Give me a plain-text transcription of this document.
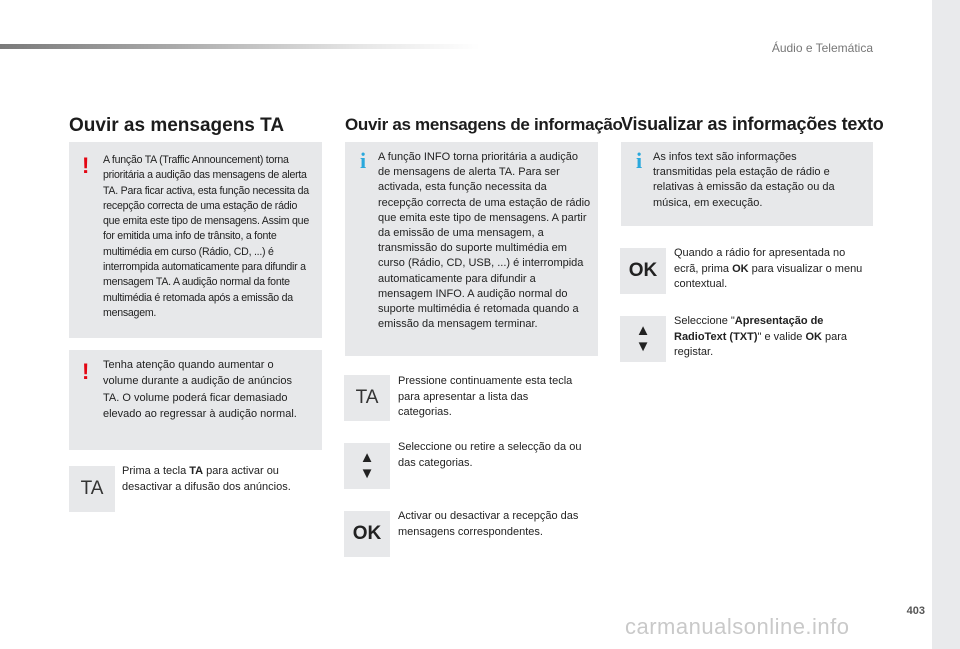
Áudio e Telemática
Ouvir as mensagens TA
! A função TA (Traffic Announcement) torna prioritária a audição das mensagens de alerta TA. Para ficar activa, esta função necessita da recepção correcta de uma estação de rádio que emita este tipo de mensagens. Assim que for emitida uma info de trânsito, a fonte multimédia em curso (Rádio, CD, ...) é interrompida automaticamente para difundir a mensagem TA. A audição normal da fonte multimédia é retomada após a emissão da mensagem.

! Tenha atenção quando aumentar o volume durante a audição de anúncios TA. O volume poderá ficar demasiado elevado ao regressar à audição normal.

TA

Prima a tecla TA para activar ou desactivar a difusão dos anúncios.

Ouvir as mensagens de informação
i A função INFO torna prioritária a audição de mensagens de alerta TA. Para ser activada, esta função necessita da recepção correcta de uma estação de rádio que emita este tipo de mensagens. A partir da emissão de uma mensagem, a transmissão do suporte multimédia em curso (Rádio, CD, USB, ...) é interrompida automaticamente para difundir a mensagem INFO. A audição normal do suporte multimédia é retomada quando a emissão da mensagem terminar.

TA

Pressione continuamente esta tecla para apresentar a lista das categorias.

▲
▼

Seleccione ou retire a selecção da ou das categorias.

OK

Activar ou desactivar a recepção das mensagens correspondentes.

Visualizar as informações texto
i As infos text são informações transmitidas pela estação de rádio e relativas à emissão da estação ou da música, em execução.

OK

Quando a rádio for apresentada no ecrã, prima OK para visualizar o menu contextual.

▲
▼

Seleccione "Apresentação de RadioText (TXT)" e valide OK para registar.

403
carmanualsonline.info
